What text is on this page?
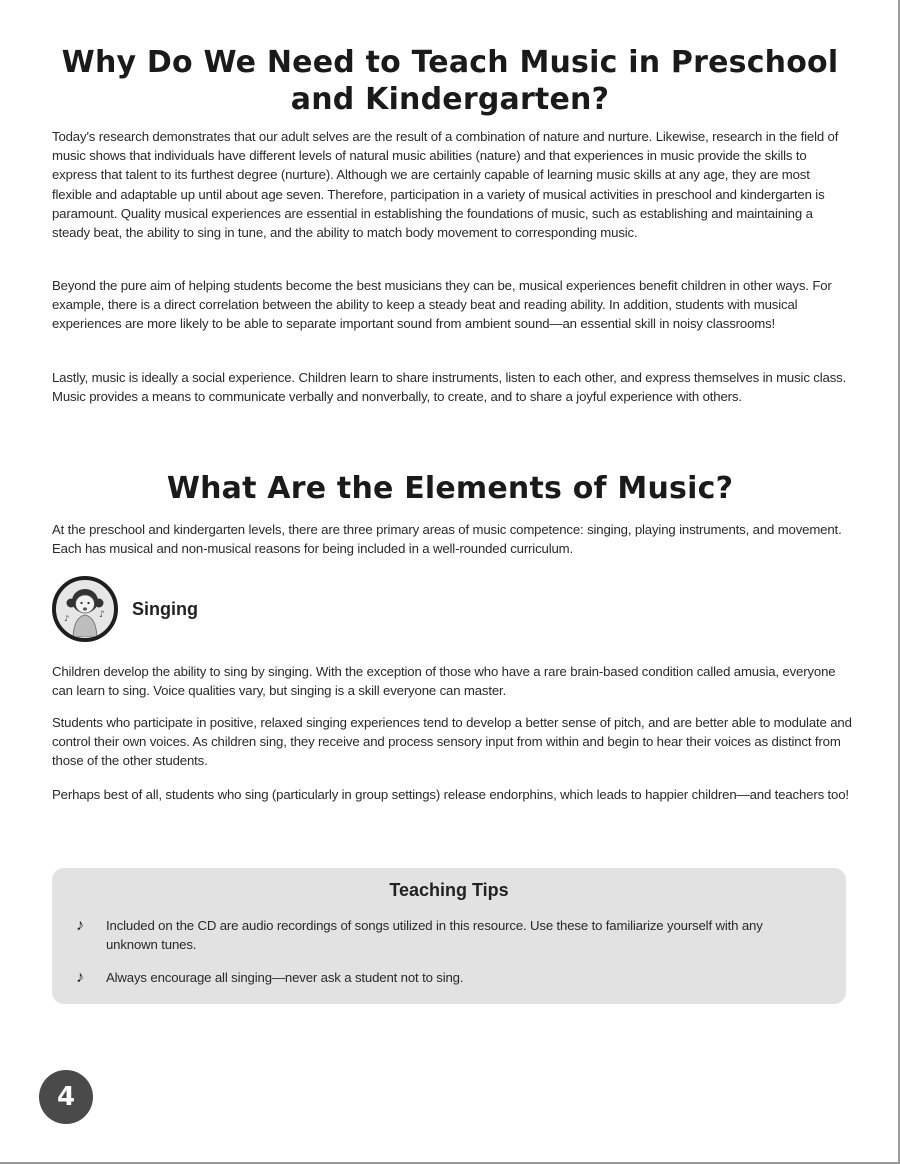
Why Do We Need to Teach Music in Preschool and Kindergarten?

Today's research demonstrates that our adult selves are the result of a combination of nature and nurture. Likewise, research in the field of music shows that individuals have different levels of natural music abilities (nature) and that experiences in music provide the skills to express that talent to its furthest degree (nurture). Although we are certainly capable of learning music skills at any age, they are most flexible and adaptable up until about age seven. Therefore, participation in a variety of musical activities in preschool and kindergarten is paramount. Quality musical experiences are essential in establishing the foundations of music, such as establishing and maintaining a steady beat, the ability to sing in tune, and the ability to match body movement to corresponding music.

Beyond the pure aim of helping students become the best musicians they can be, musical experiences benefit children in other ways. For example, there is a direct correlation between the ability to keep a steady beat and reading ability. In addition, students with musical experiences are more likely to be able to separate important sound from ambient sound—an essential skill in noisy classrooms!

Lastly, music is ideally a social experience. Children learn to share instruments, listen to each other, and express themselves in music class. Music provides a means to communicate verbally and nonverbally, to create, and to share a joyful experience with others.

What Are the Elements of Music?

At the preschool and kindergarten levels, there are three primary areas of music competence: singing, playing instruments, and movement. Each has musical and non-musical reasons for being included in a well-rounded curriculum.

♪
♪	Singing

Children develop the ability to sing by singing. With the exception of those who have a rare brain-based condition called amusia, everyone can learn to sing. Voice qualities vary, but singing is a skill everyone can master.

Students who participate in positive, relaxed singing experiences tend to develop a better sense of pitch, and are better able to modulate and control their own voices. As children sing, they receive and process sensory input from within and begin to hear their voices as distinct from those of the other students.

Perhaps best of all, students who sing (particularly in group settings) release endorphins, which leads to happier children—and teachers too!

Teaching Tips
♪	Included on the CD are audio recordings of songs utilized in this resource. Use these to familiarize yourself with any unknown tunes.
♪	Always encourage all singing—never ask a student not to sing.
4
